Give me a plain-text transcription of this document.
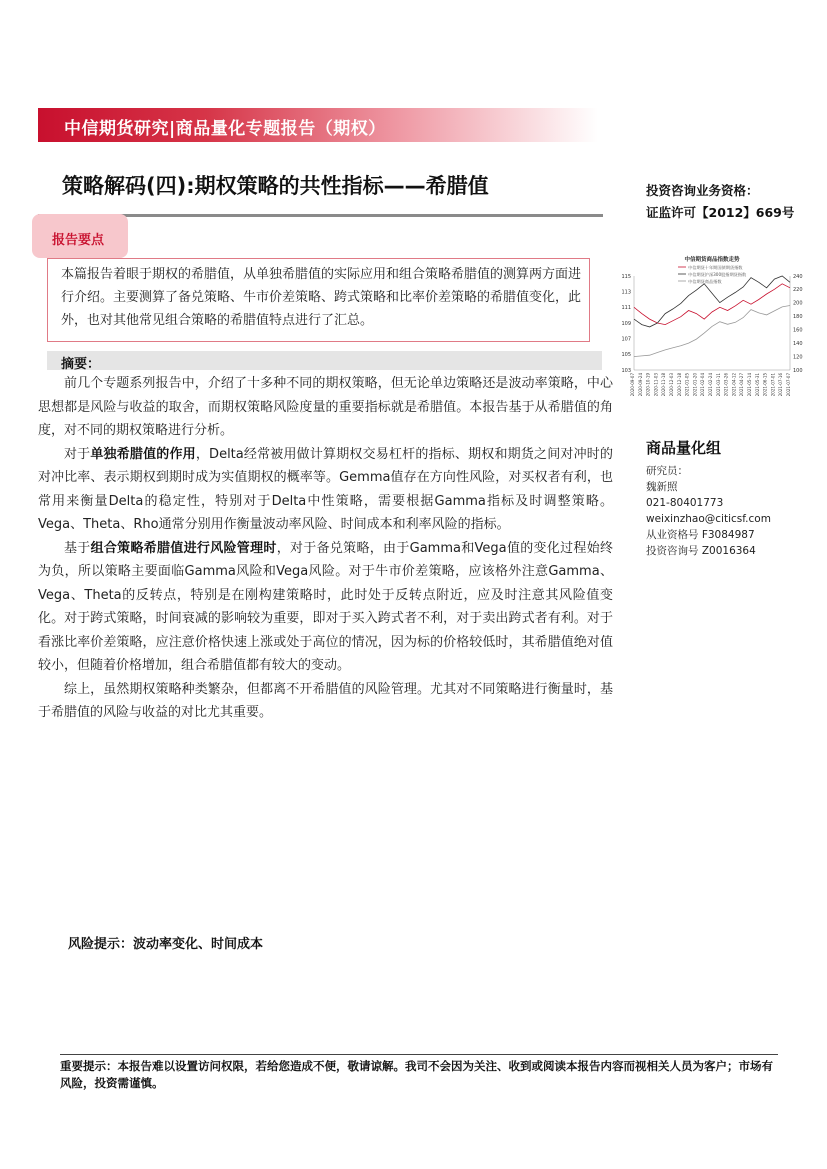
中信期货研究|商品量化专题报告（期权）
策略解码(四):期权策略的共性指标——希腊值	投资咨询业务资格：
证监许可【2012】669号
报告要点
本篇报告着眼于期权的希腊值，从单独希腊值的实际应用和组合策略希腊值的测算两方面进行介绍。主要测算了备兑策略、牛市价差策略、跨式策略和比率价差策略的希腊值变化，此外，也对其他常见组合策略的希腊值特点进行了汇总。
摘要：

前几个专题系列报告中，介绍了十多种不同的期权策略，但无论单边策略还是波动率策略，中心思想都是风险与收益的取舍，而期权策略风险度量的重要指标就是希腊值。本报告基于从希腊值的角度，对不同的期权策略进行分析。

对于单独希腊值的作用，Delta经常被用做计算期权交易杠杆的指标、期权和期货之间对冲时的对冲比率、表示期权到期时成为实值期权的概率等。Gemma值存在方向性风险，对买权者有利，也常用来衡量Delta的稳定性，特别对于Delta中性策略，需要根据Gamma指标及时调整策略。Vega、Theta、Rho通常分别用作衡量波动率风险、时间成本和利率风险的指标。

基于组合策略希腊值进行风险管理时，对于备兑策略，由于Gamma和Vega值的变化过程始终为负，所以策略主要面临Gamma风险和Vega风险。对于牛市价差策略，应该格外注意Gamma、Vega、Theta的反转点，特别是在刚构建策略时，此时处于反转点附近，应及时注意其风险值变化。对于跨式策略，时间衰减的影响较为重要，即对于买入跨式者不利，对于卖出跨式者有利。对于看涨比率价差策略，应注意价格快速上涨或处于高位的情况，因为标的价格较低时，其希腊值绝对值较小，但随着价格增加，组合希腊值都有较大的变动。

综上，虽然期权策略种类繁杂，但都离不开希腊值的风险管理。尤其对不同策略进行衡量时，基于希腊值的风险与收益的对比尤其重要。

风险提示：波动率变化、时间成本
中信期货商品指数走势
中信期货十年期国债期货指数
中信期货沪深300股指期货指数
中信期货商品指数
103
105
107
109
111
113
115
100
120
140
160
180
200
220
240
2020-09-07 2020-09-24 2020-10-19 2020-11-03 2020-11-18 2020-12-03 2020-12-18 2021-01-05 2021-01-20 2021-02-04 2021-02-24 2021-03-11 2021-03-26 2021-04-12 2021-04-27 2021-05-14 2021-05-31 2021-06-15 2021-07-01 2021-07-16 2021-07-07
商品量化组
研究员：
魏新照
021-80401773
weixinzhao@citicsf.com
从业资格号 F3084987
投资咨询号 Z0016364
重要提示：本报告难以设置访问权限，若给您造成不便，敬请谅解。我司不会因为关注、收到或阅读本报告内容而视相关人员为客户；市场有风险，投资需谨慎。
